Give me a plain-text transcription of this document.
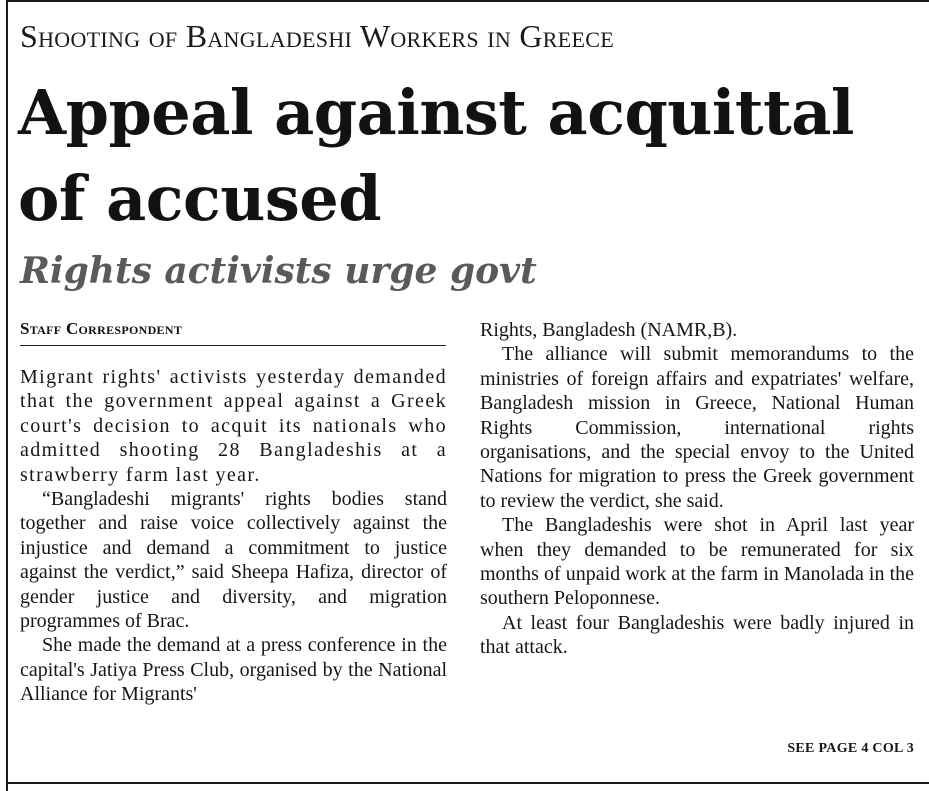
Shooting of Bangladeshi Workers in Greece
Appeal against acquittal of accused
Rights activists urge govt
Staff Correspondent

Migrant rights' activists yesterday demanded that the government appeal against a Greek court's decision to acquit its nationals who admitted shooting 28 Bangladeshis at a strawberry farm last year.

“Bangladeshi migrants' rights bodies stand together and raise voice collectively against the injustice and demand a commitment to justice against the verdict,” said Sheepa Hafiza, director of gender justice and diversity, and migration programmes of Brac.

She made the demand at a press conference in the capital's Jatiya Press Club, organised by the National Alliance for Migrants'

Rights, Bangladesh (NAMR,B).

The alliance will submit memorandums to the ministries of foreign affairs and expatriates' welfare, Bangladesh mission in Greece, National Human Rights Commission, international rights organisations, and the special envoy to the United Nations for migration to press the Greek government to review the verdict, she said.

The Bangladeshis were shot in April last year when they demanded to be remunerated for six months of unpaid work at the farm in Manolada in the southern Peloponnese.

At least four Bangladeshis were badly injured in that attack.

SEE PAGE 4 COL 3
